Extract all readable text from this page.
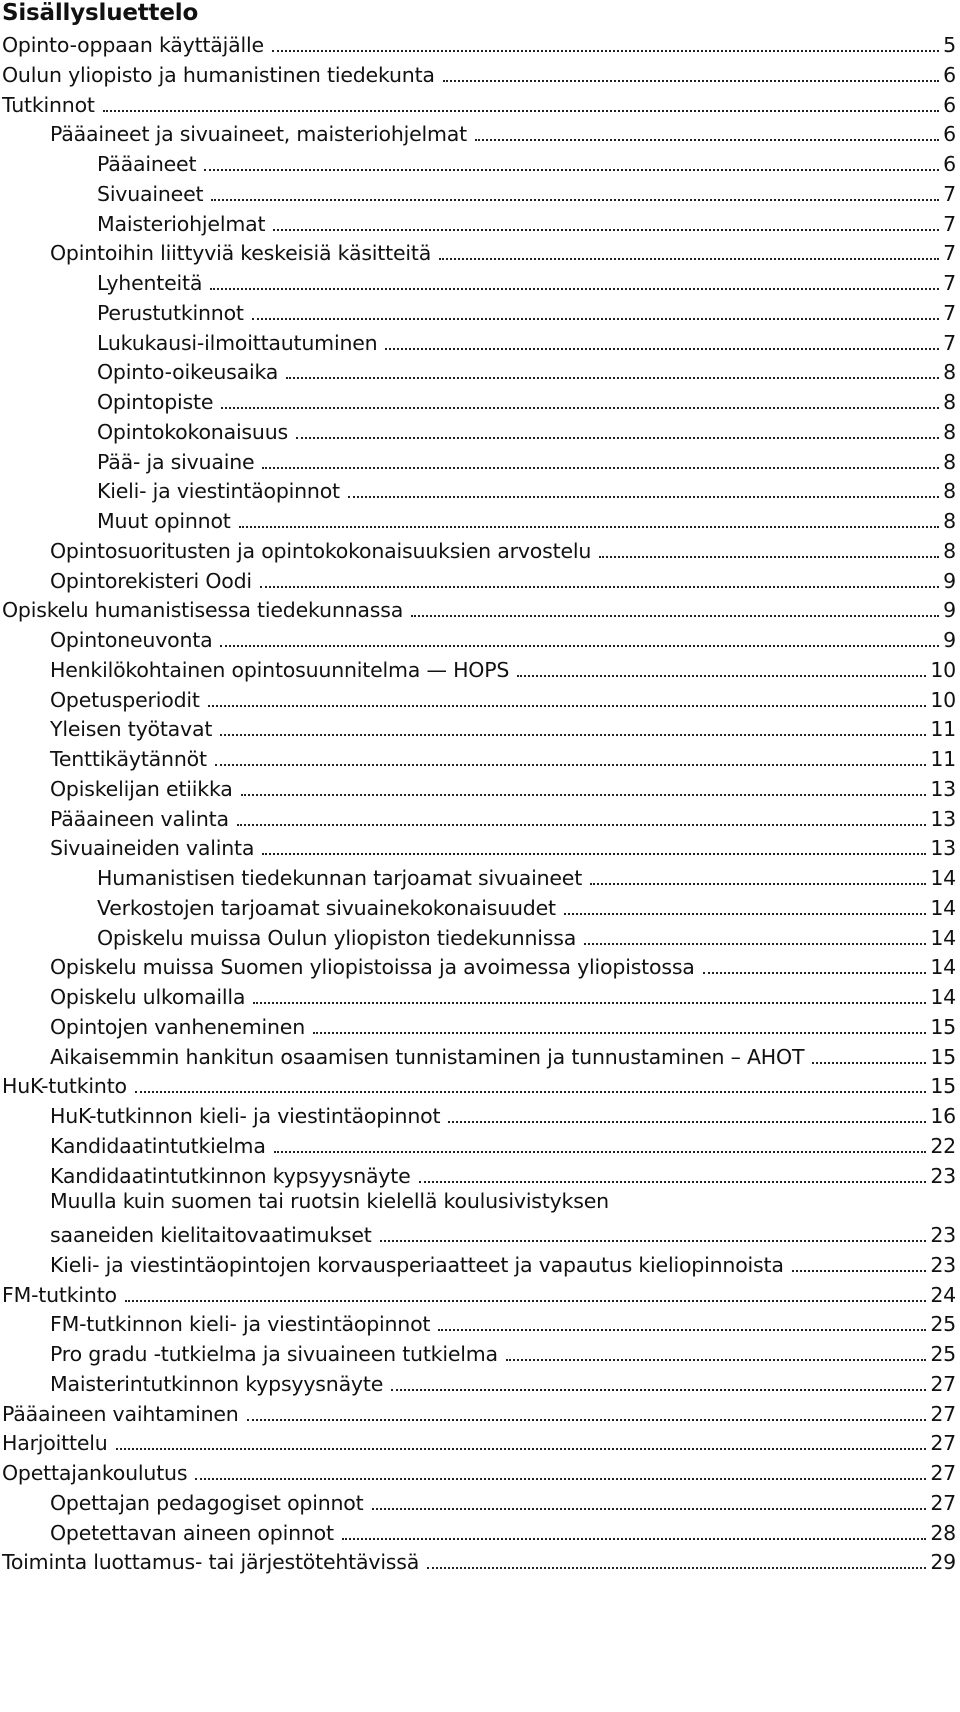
Sisällysluettelo
Opinto-oppaan käyttäjälle	5
Oulun yliopisto ja humanistinen tiedekunta	6
Tutkinnot	6
Pääaineet ja sivuaineet, maisteriohjelmat	6
Pääaineet	6
Sivuaineet	7
Maisteriohjelmat	7
Opintoihin liittyviä keskeisiä käsitteitä	7
Lyhenteitä	7
Perustutkinnot	7
Lukukausi-ilmoittautuminen	7
Opinto-oikeusaika	8
Opintopiste	8
Opintokokonaisuus	8
Pää- ja sivuaine	8
Kieli- ja viestintäopinnot	8
Muut opinnot	8
Opintosuoritusten ja opintokokonaisuuksien arvostelu	8
Opintorekisteri Oodi	9
Opiskelu humanistisessa tiedekunnassa	9
Opintoneuvonta	9
Henkilökohtainen opintosuunnitelma — HOPS	10
Opetusperiodit	10
Yleisen työtavat	11
Tenttikäytännöt	11
Opiskelijan etiikka	13
Pääaineen valinta	13
Sivuaineiden valinta	13
Humanistisen tiedekunnan tarjoamat sivuaineet	14
Verkostojen tarjoamat sivuainekokonaisuudet	14
Opiskelu muissa Oulun yliopiston tiedekunnissa	14
Opiskelu muissa Suomen yliopistoissa ja avoimessa yliopistossa	14
Opiskelu ulkomailla	14
Opintojen vanheneminen	15
Aikaisemmin hankitun osaamisen tunnistaminen ja tunnustaminen – AHOT	15
HuK-tutkinto	15
HuK-tutkinnon kieli- ja viestintäopinnot	16
Kandidaatintutkielma	22
Kandidaatintutkinnon kypsyysnäyte	23
Muulla kuin suomen tai ruotsin kielellä koulusivistyksen
saaneiden kielitaitovaatimukset	23
Kieli- ja viestintäopintojen korvausperiaatteet ja vapautus kieliopinnoista	23
FM-tutkinto	24
FM-tutkinnon kieli- ja viestintäopinnot	25
Pro gradu -tutkielma ja sivuaineen tutkielma	25
Maisterintutkinnon kypsyysnäyte	27
Pääaineen vaihtaminen	27
Harjoittelu	27
Opettajankoulutus	27
Opettajan pedagogiset opinnot	27
Opetettavan aineen opinnot	28
Toiminta luottamus- tai järjestötehtävissä	29
